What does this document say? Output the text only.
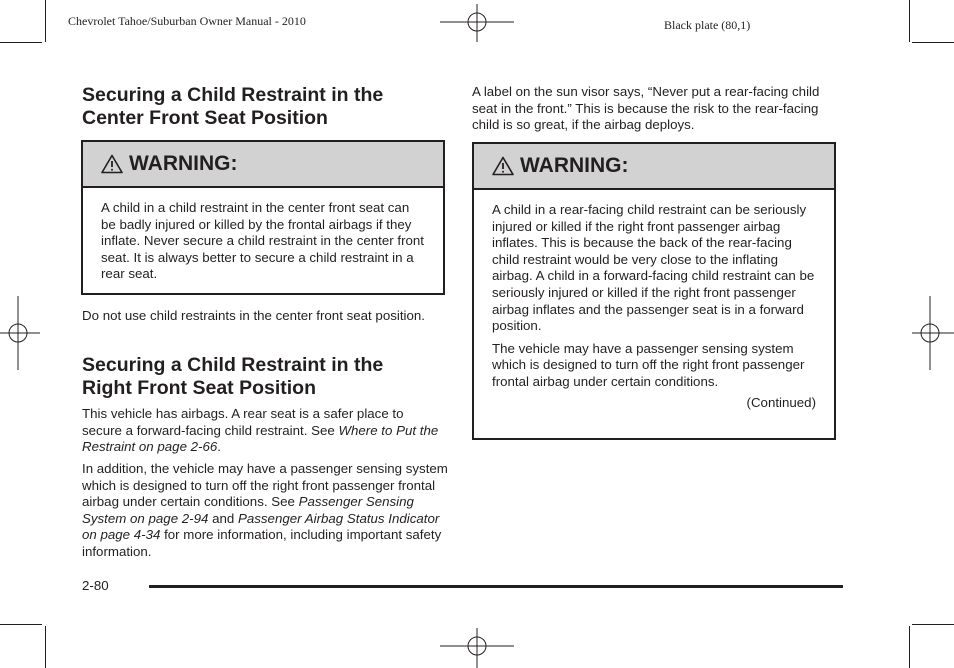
Chevrolet Tahoe/Suburban Owner Manual - 2010	Black plate (80,1)
Securing a Child Restraint in the Center Front Seat Position
WARNING:

A child in a child restraint in the center front seat can be badly injured or killed by the frontal airbags if they inflate. Never secure a child restraint in the center front seat. It is always better to secure a child restraint in a rear seat.

Do not use child restraints in the center front seat position.

Securing a Child Restraint in the Right Front Seat Position

This vehicle has airbags. A rear seat is a safer place to secure a forward-facing child restraint. See Where to Put the Restraint on page 2-66.

In addition, the vehicle may have a passenger sensing system which is designed to turn off the right front passenger frontal airbag under certain conditions. See Passenger Sensing System on page 2-94 and Passenger Airbag Status Indicator on page 4-34 for more information, including important safety information.

A label on the sun visor says, “Never put a rear-facing child seat in the front.” This is because the risk to the rear-facing child is so great, if the airbag deploys.

WARNING:

A child in a rear-facing child restraint can be seriously injured or killed if the right front passenger airbag inflates. This is because the back of the rear-facing child restraint would be very close to the inflating airbag. A child in a forward-facing child restraint can be seriously injured or killed if the right front passenger airbag inflates and the passenger seat is in a forward position.

The vehicle may have a passenger sensing system which is designed to turn off the right front passenger frontal airbag under certain conditions.

(Continued)

2-80
